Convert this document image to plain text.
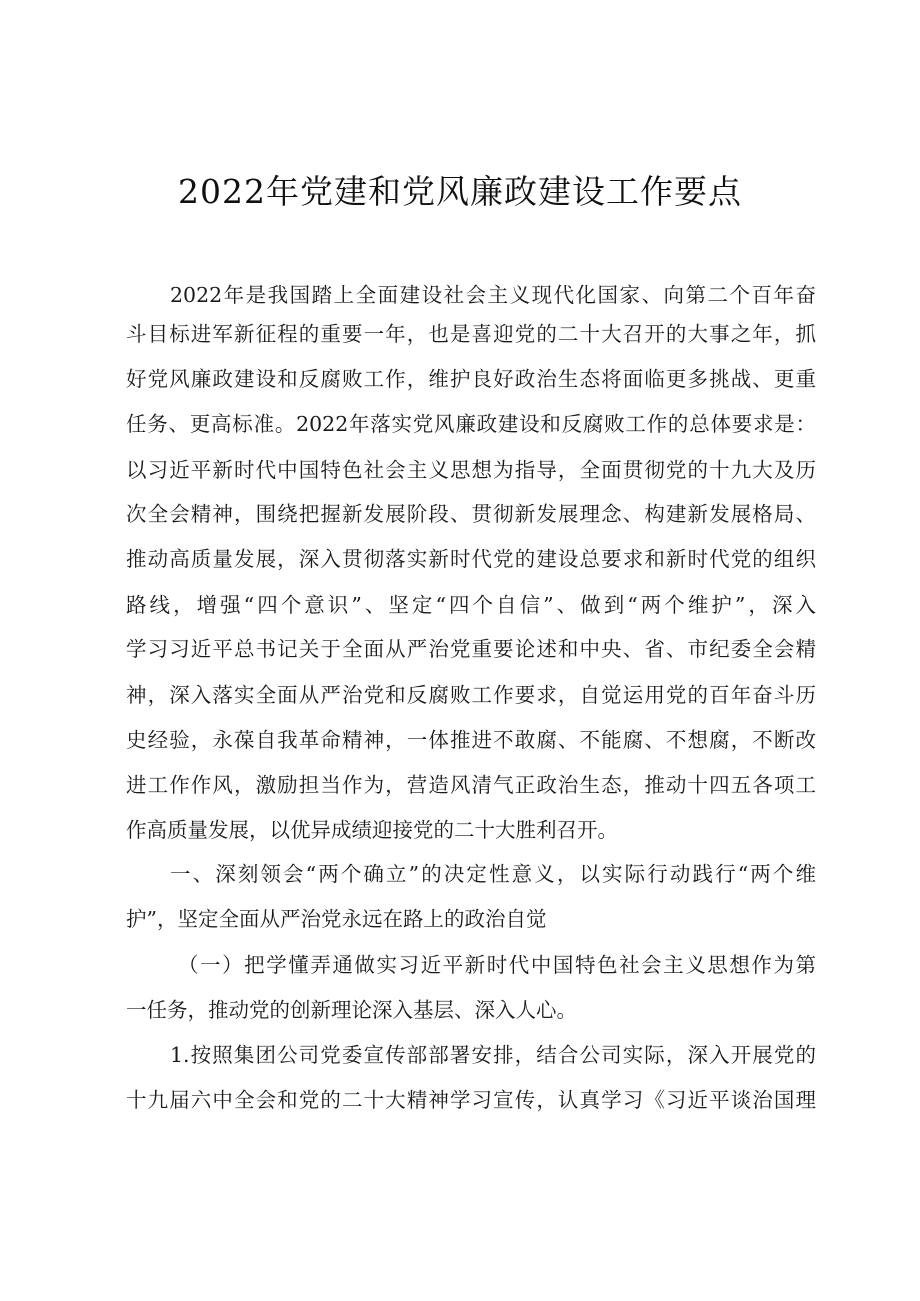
2022年党建和党风廉政建设工作要点
2022年是我国踏上全面建设社会主义现代化国家、向第二个百年奋
斗目标进军新征程的重要一年，也是喜迎党的二十大召开的大事之年，抓
好党风廉政建设和反腐败工作，维护良好政治生态将面临更多挑战、更重
任务、更高标准。2022年落实党风廉政建设和反腐败工作的总体要求是：
以习近平新时代中国特色社会主义思想为指导，全面贯彻党的十九大及历
次全会精神，围绕把握新发展阶段、贯彻新发展理念、构建新发展格局、
推动高质量发展，深入贯彻落实新时代党的建设总要求和新时代党的组织
路线，增强“四个意识”、坚定“四个自信”、做到“两个维护”，深入
学习习近平总书记关于全面从严治党重要论述和中央、省、市纪委全会精
神，深入落实全面从严治党和反腐败工作要求，自觉运用党的百年奋斗历
史经验，永葆自我革命精神，一体推进不敢腐、不能腐、不想腐，不断改
进工作作风，激励担当作为，营造风清气正政治生态，推动十四五各项工
作高质量发展，以优异成绩迎接党的二十大胜利召开。
一、深刻领会“两个确立”的决定性意义，以实际行动践行“两个维
护”，坚定全面从严治党永远在路上的政治自觉
（一）把学懂弄通做实习近平新时代中国特色社会主义思想作为第
一任务，推动党的创新理论深入基层、深入人心。
1.按照集团公司党委宣传部部署安排，结合公司实际，深入开展党的
十九届六中全会和党的二十大精神学习宣传，认真学习《习近平谈治国理
